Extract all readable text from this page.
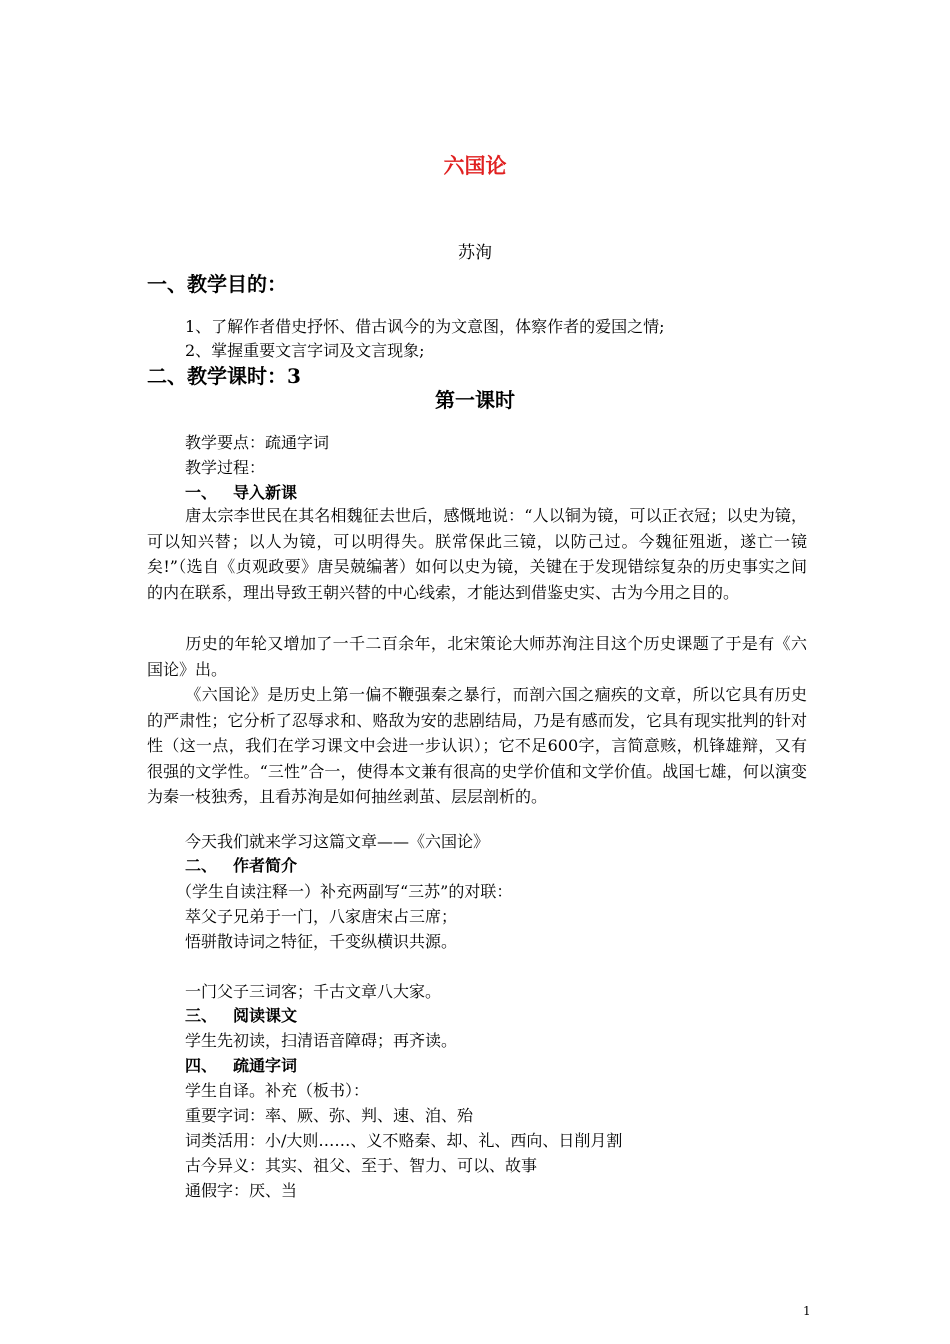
六国论
苏洵
一、教学目的：
1、了解作者借史抒怀、借古讽今的为文意图，体察作者的爱国之情;
2、掌握重要文言字词及文言现象;
二、教学课时：3
第一课时
教学要点：疏通字词
教学过程：
一、 导入新课
唐太宗李世民在其名相魏征去世后，感慨地说：“人以铜为镜，可以正衣冠；以史为镜，可以知兴替；以人为镜，可以明得失。朕常保此三镜，以防己过。今魏征殂逝，遂亡一镜矣!”（选自《贞观政要》唐吴兢编著）如何以史为镜，关键在于发现错综复杂的历史事实之间的内在联系，理出导致王朝兴替的中心线索，才能达到借鉴史实、古为今用之目的。
历史的年轮又增加了一千二百余年，北宋策论大师苏洵注目这个历史课题了于是有《六国论》出。
《六国论》是历史上第一偏不鞭强秦之暴行，而剖六国之痼疾的文章，所以它具有历史的严肃性；它分析了忍辱求和、赂敌为安的悲剧结局，乃是有感而发，它具有现实批判的针对性（这一点，我们在学习课文中会进一步认识）；它不足600字，言简意赅，机锋雄辩，又有很强的文学性。“三性”合一，使得本文兼有很高的史学价值和文学价值。战国七雄，何以演变为秦一枝独秀，且看苏洵是如何抽丝剥茧、层层剖析的。
今天我们就来学习这篇文章——《六国论》
二、 作者简介
（学生自读注释一）补充两副写“三苏”的对联：
萃父子兄弟于一门，八家唐宋占三席；
悟骈散诗词之特征，千变纵横识共源。
一门父子三词客；千古文章八大家。
三、 阅读课文
学生先初读，扫清语音障碍；再齐读。
四、 疏通字词
学生自译。补充（板书）：
重要字词：率、厥、弥、判、速、洎、殆
词类活用：小/大则……、义不赂秦、却、礼、西向、日削月割
古今异义：其实、祖父、至于、智力、可以、故事
通假字：厌、当
1
